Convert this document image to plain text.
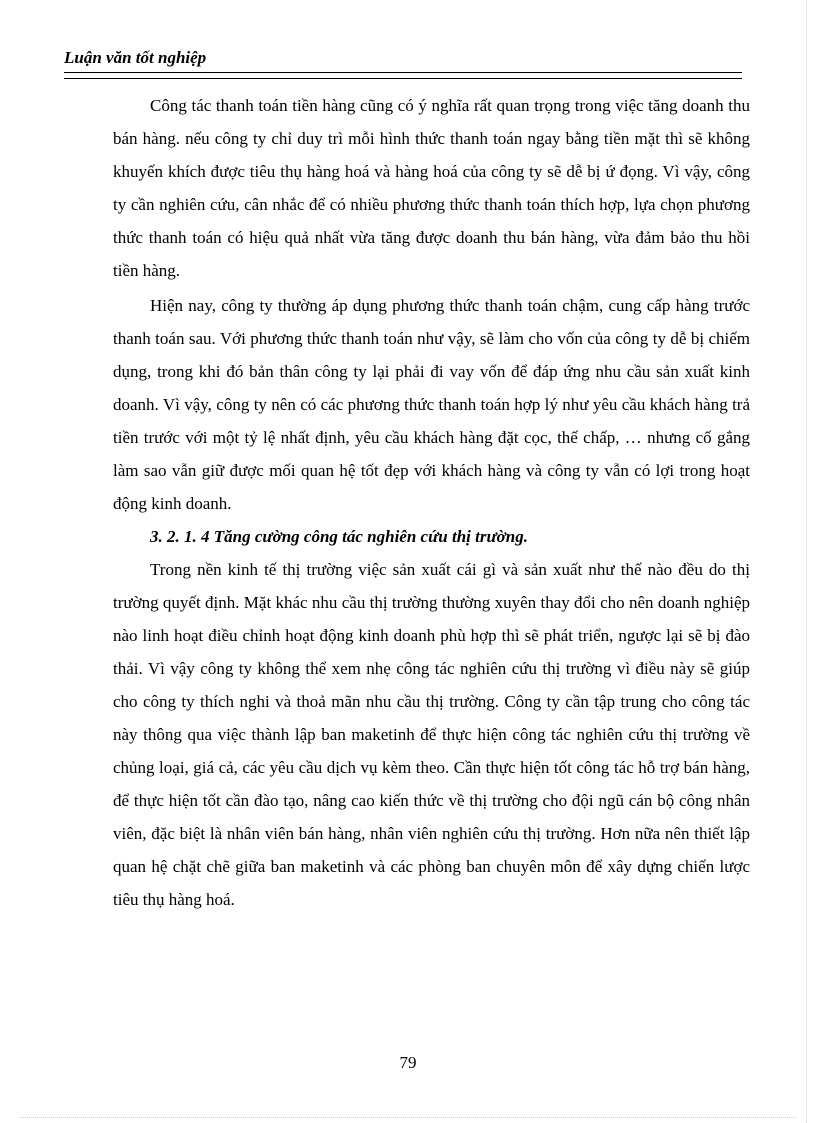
Luận văn tốt nghiệp

Công tác thanh toán tiền hàng cũng có ý nghĩa rất quan trọng trong việc tăng doanh thu bán hàng. nếu công ty chỉ duy trì mỗi hình thức thanh toán ngay bằng tiền mặt thì sẽ không khuyến khích được tiêu thụ hàng hoá và hàng hoá của công ty sẽ dễ bị ứ đọng. Vì vậy, công ty cần nghiên cứu, cân nhắc để có nhiều phương thức thanh toán thích hợp, lựa chọn phương thức thanh toán có hiệu quả nhất vừa tăng được doanh thu bán hàng, vừa đảm bảo thu hồi tiền hàng.

Hiện nay, công ty thường áp dụng phương thức thanh toán chậm, cung cấp hàng trước thanh toán sau. Với phương thức thanh toán như vậy, sẽ làm cho vốn của công ty dễ bị chiếm dụng, trong khi đó bản thân công ty lại phải đi vay vốn để đáp ứng nhu cầu sản xuất kinh doanh. Vì vậy, công ty nên có các phương thức thanh toán hợp lý như yêu cầu khách hàng trả tiền trước với một tỷ lệ nhất định, yêu cầu khách hàng đặt cọc, thế chấp, … nhưng cố gắng làm sao vẫn giữ được mối quan hệ tốt đẹp với khách hàng và công ty vẫn có lợi trong hoạt động kinh doanh.

3. 2. 1. 4 Tăng cường công tác nghiên cứu thị trường.

Trong nền kinh tế thị trường việc sản xuất cái gì và sản xuất như thế nào đều do thị trường quyết định. Mặt khác nhu cầu thị trường thường xuyên thay đổi cho nên doanh nghiệp nào linh hoạt điều chỉnh hoạt động kinh doanh phù hợp thì sẽ phát triển, ngược lại sẽ bị đào thải. Vì vậy công ty không thể xem nhẹ công tác nghiên cứu thị trường vì điều này sẽ giúp cho công ty thích nghi và thoả mãn nhu cầu thị trường. Công ty cần tập trung cho công tác này thông qua việc thành lập ban maketinh để thực hiện công tác nghiên cứu thị trường về chủng loại, giá cả, các yêu cầu dịch vụ kèm theo. Cần thực hiện tốt công tác hỗ trợ bán hàng, để thực hiện tốt cần đào tạo, nâng cao kiến thức về thị trường cho đội ngũ cán bộ công nhân viên, đặc biệt là nhân viên bán hàng, nhân viên nghiên cứu thị trường. Hơn nữa nên thiết lập quan hệ chặt chẽ giữa ban maketinh và các phòng ban chuyên môn để xây dựng chiến lược tiêu thụ hàng hoá.

79
